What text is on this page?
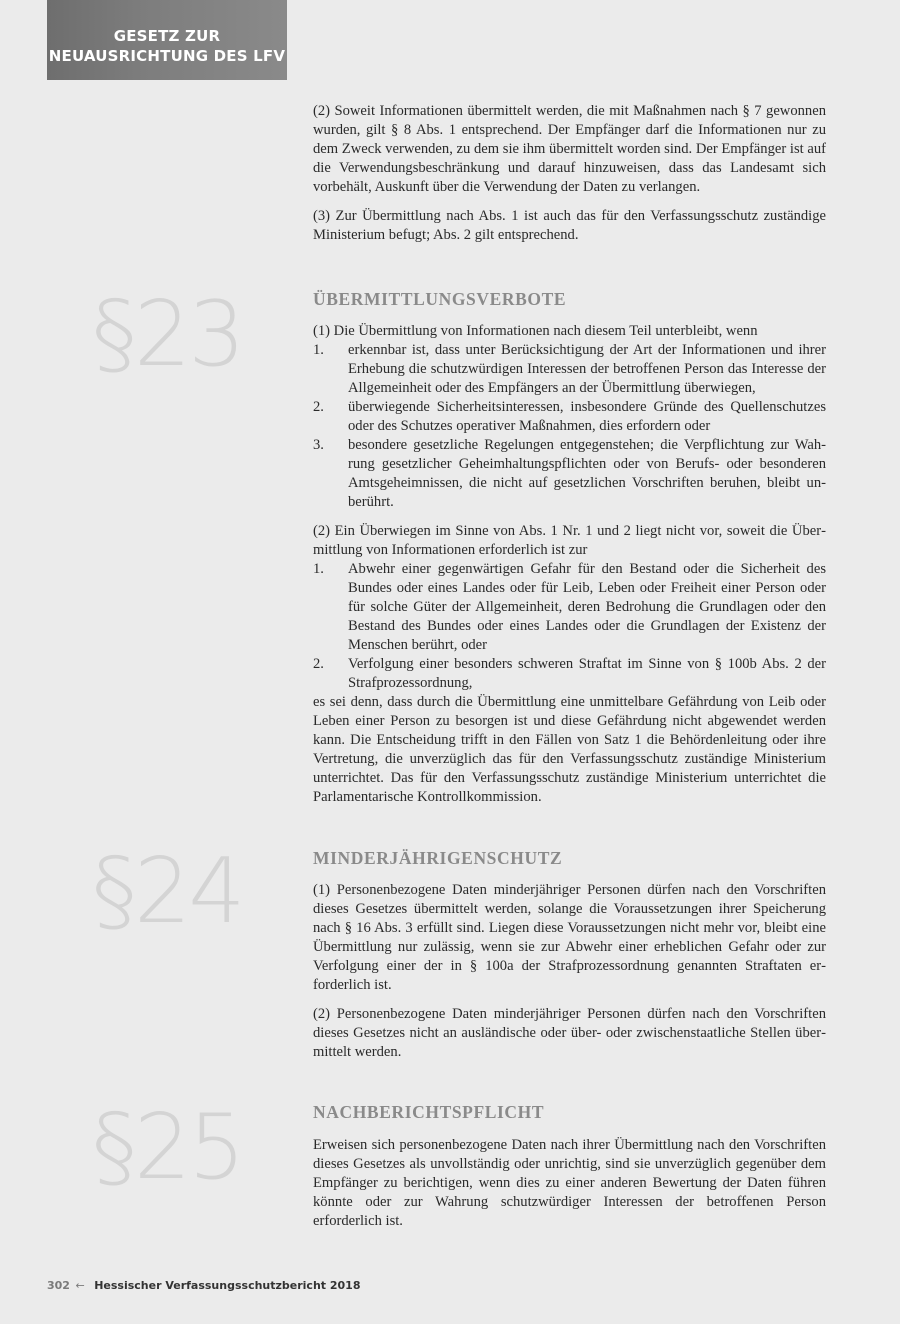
GESETZ ZUR
NEUAUSRICHTUNG DES LFV

(2) Soweit Informationen übermittelt werden, die mit Maßnahmen nach § 7 gewonnen wurden, gilt § 8 Abs. 1 entsprechend. Der Empfänger darf die Informationen nur zu dem Zweck verwenden, zu dem sie ihm übermittelt worden sind. Der Empfänger ist auf die Verwendungsbeschränkung und darauf hinzuweisen, dass das Landesamt sich vorbehält, Auskunft über die Verwendung der Daten zu verlangen.

(3) Zur Übermittlung nach Abs. 1 ist auch das für den Verfassungsschutz zuständige Ministerium befugt; Abs. 2 gilt entsprechend.

§23	ÜBERMITTLUNGSVERBOTE

(1) Die Übermittlung von Informationen nach diesem Teil unterbleibt, wenn

1. erkennbar ist, dass unter Berücksichtigung der Art der Informationen und ihrer Erhebung die schutzwürdigen Interessen der betroffenen Person das Interesse der Allgemeinheit oder des Empfängers an der Übermittlung überwiegen,
2. überwiegende Sicherheitsinteressen, insbesondere Gründe des Quellenschutzes oder des Schutzes operativer Maßnahmen, dies erfordern oder
3. besondere gesetzliche Regelungen entgegenstehen; die Verpflichtung zur Wahrung gesetzlicher Geheimhaltungspflichten oder von Berufs- oder besonderen Amtsgeheimnissen, die nicht auf gesetzlichen Vorschriften beruhen, bleibt unberührt.

(2) Ein Überwiegen im Sinne von Abs. 1 Nr. 1 und 2 liegt nicht vor, soweit die Übermittlung von Informationen erforderlich ist zur

1. Abwehr einer gegenwärtigen Gefahr für den Bestand oder die Sicherheit des Bundes oder eines Landes oder für Leib, Leben oder Freiheit einer Person oder für solche Güter der Allgemeinheit, deren Bedrohung die Grundlagen oder den Bestand des Bundes oder eines Landes oder die Grundlagen der Existenz der Menschen berührt, oder
2. Verfolgung einer besonders schweren Straftat im Sinne von § 100b Abs. 2 der Strafprozessordnung,

es sei denn, dass durch die Übermittlung eine unmittelbare Gefährdung von Leib oder Leben einer Person zu besorgen ist und diese Gefährdung nicht abgewendet werden kann. Die Entscheidung trifft in den Fällen von Satz 1 die Behördenleitung oder ihre Vertretung, die unverzüglich das für den Verfassungsschutz zuständige Ministerium unterrichtet. Das für den Verfassungsschutz zuständige Ministerium unterrichtet die Parlamentarische Kontrollkommission.

§24	MINDERJÄHRIGENSCHUTZ

(1) Personenbezogene Daten minderjähriger Personen dürfen nach den Vorschriften dieses Gesetzes übermittelt werden, solange die Voraussetzungen ihrer Speicherung nach § 16 Abs. 3 erfüllt sind. Liegen diese Voraussetzungen nicht mehr vor, bleibt eine Übermittlung nur zulässig, wenn sie zur Abwehr einer erheblichen Gefahr oder zur Verfolgung einer der in § 100a der Strafprozessordnung genannten Straftaten erforderlich ist.

(2) Personenbezogene Daten minderjähriger Personen dürfen nach den Vorschriften dieses Gesetzes nicht an ausländische oder über- oder zwischenstaatliche Stellen übermittelt werden.

§25	NACHBERICHTSPFLICHT

Erweisen sich personenbezogene Daten nach ihrer Übermittlung nach den Vorschriften dieses Gesetzes als unvollständig oder unrichtig, sind sie unverzüglich gegenüber dem Empfänger zu berichtigen, wenn dies zu einer anderen Bewertung der Daten führen könnte oder zur Wahrung schutzwürdiger Interessen der betroffenen Person erforderlich ist.

302 ← Hessischer Verfassungsschutzbericht 2018
